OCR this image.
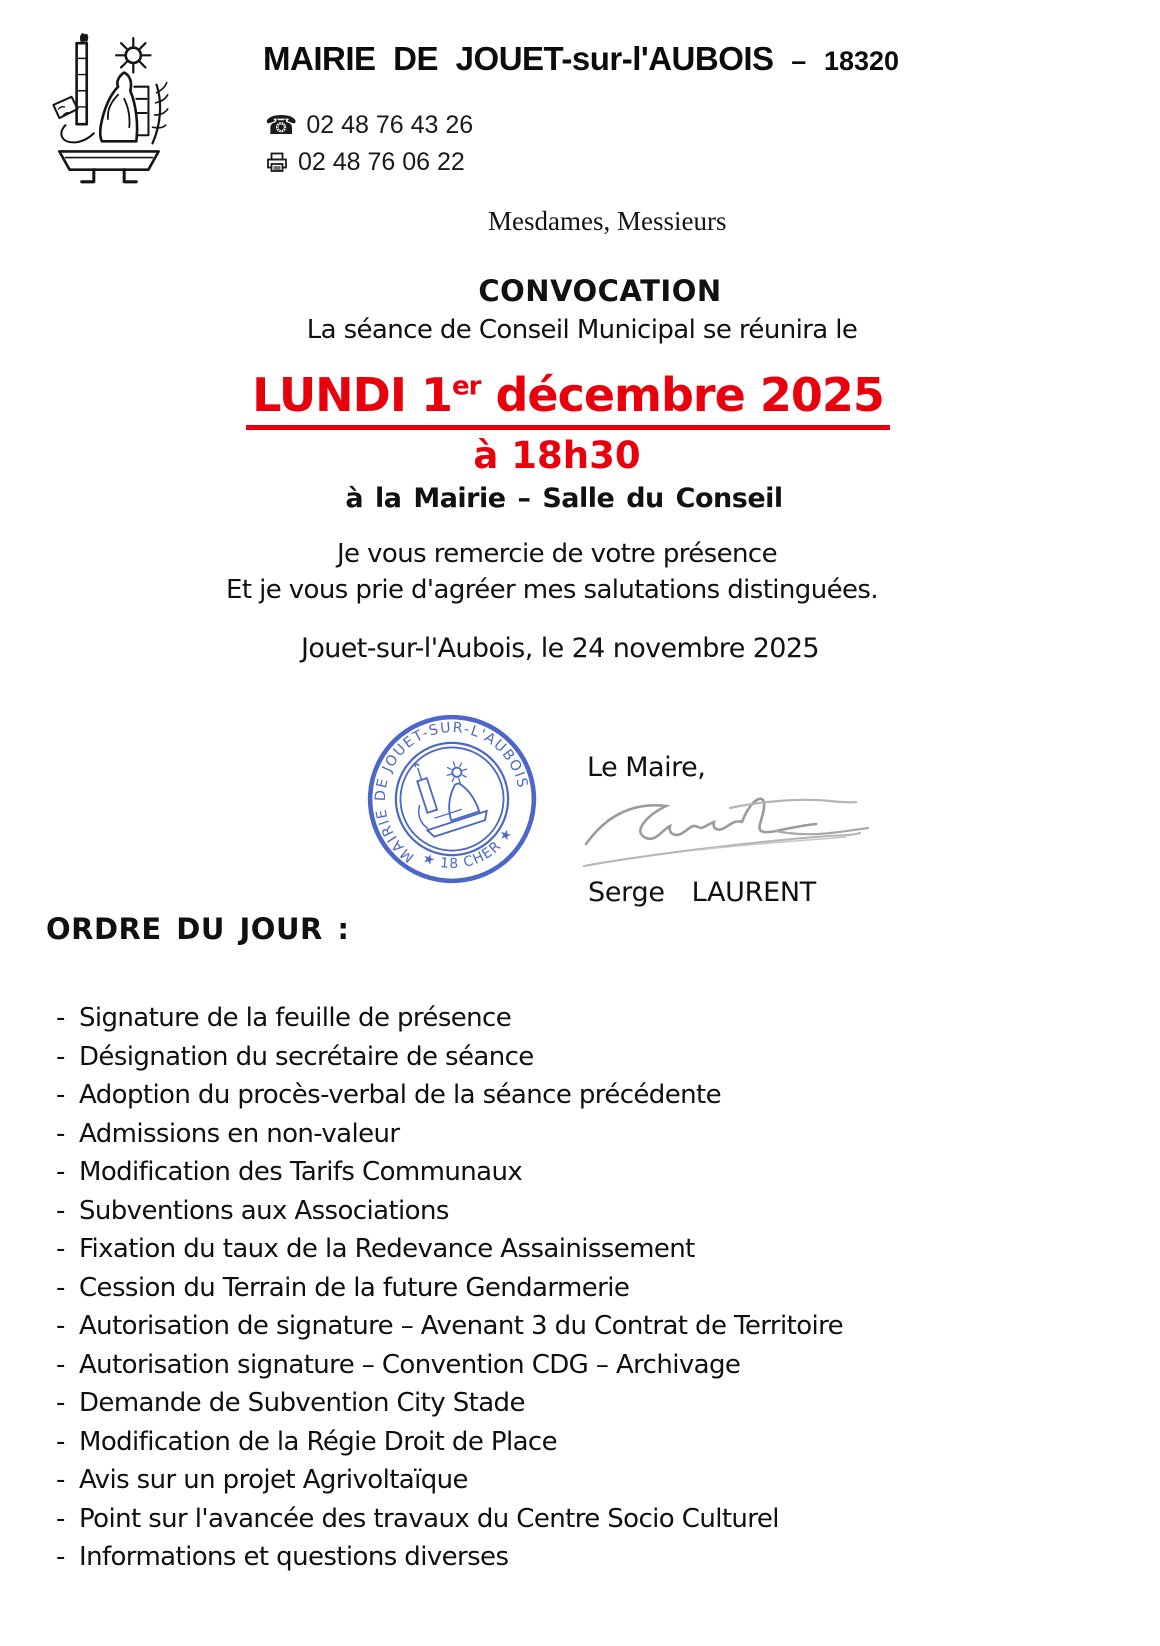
MAIRIE DE JOUET-sur-l'AUBOIS – 18320
☎ 02 48 76 43 26
02 48 76 06 22
Mesdames, Messieurs
CONVOCATION
La séance de Conseil Municipal se réunira le
LUNDI 1er décembre 2025
à 18h30
à la Mairie – Salle du Conseil
Je vous remercie de votre présence
Et je vous prie d'agréer mes salutations distinguées.
Jouet-sur-l'Aubois, le 24 novembre 2025
MAIRIE DE JOUET-SUR-L'AUBOIS
★ 18 CHER ★
Le Maire,
Serge LAURENT
ORDRE DU JOUR :
- Signature de la feuille de présence
- Désignation du secrétaire de séance
- Adoption du procès-verbal de la séance précédente
- Admissions en non-valeur
- Modification des Tarifs Communaux
- Subventions aux Associations
- Fixation du taux de la Redevance Assainissement
- Cession du Terrain de la future Gendarmerie
- Autorisation de signature – Avenant 3 du Contrat de Territoire
- Autorisation signature – Convention CDG – Archivage
- Demande de Subvention City Stade
- Modification de la Régie Droit de Place
- Avis sur un projet Agrivoltaïque
- Point sur l'avancée des travaux du Centre Socio Culturel
- Informations et questions diverses
